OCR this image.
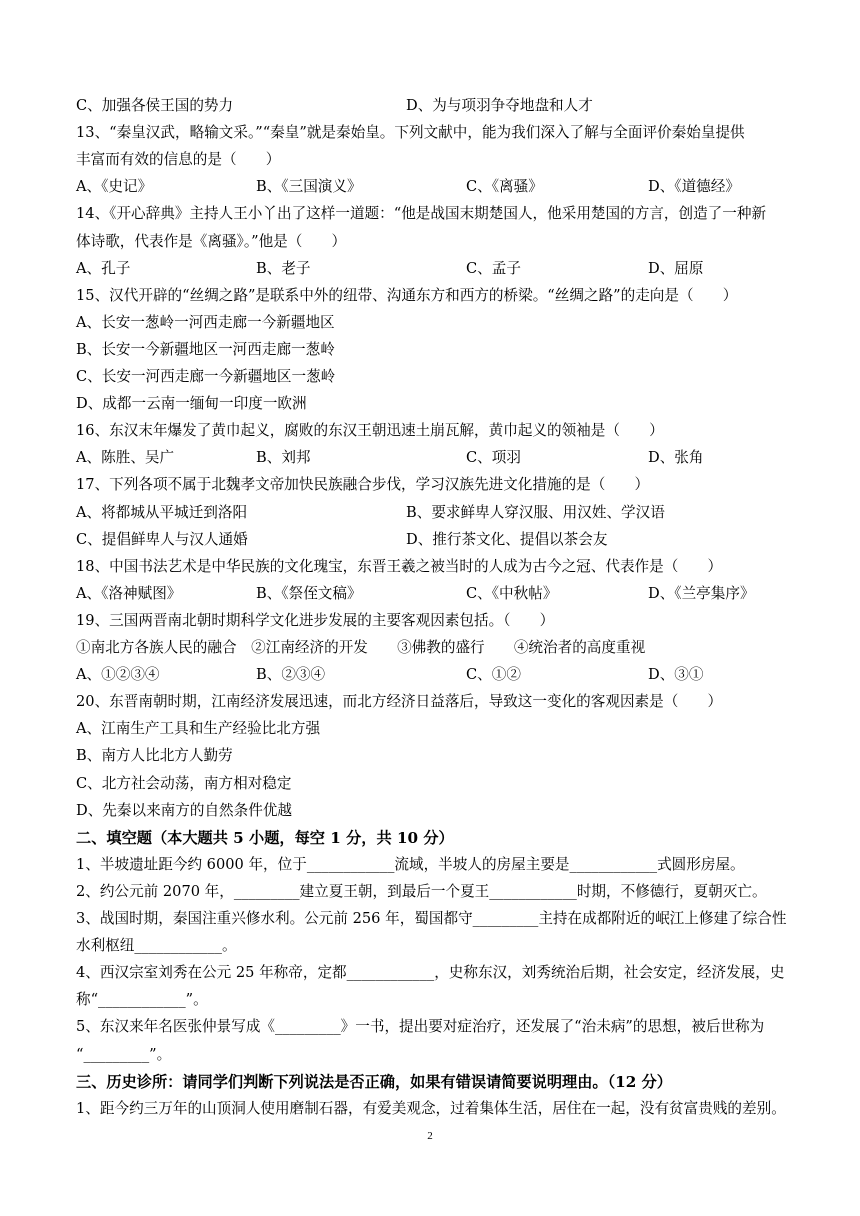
C、加强各侯王国的势力	D、为与项羽争夺地盘和人才
13、“秦皇汉武，略输文采。”“秦皇”就是秦始皇。下列文献中，能为我们深入了解与全面评价秦始皇提供
丰富而有效的信息的是（　　）
A、《史记》	B、《三国演义》	C、《离骚》	D、《道德经》
14、《开心辞典》主持人王小丫出了这样一道题：“他是战国末期楚国人，他采用楚国的方言，创造了一种新
体诗歌，代表作是《离骚》。”他是（　　）
A、孔子	B、老子	C、孟子	D、屈原
15、汉代开辟的“丝绸之路”是联系中外的纽带、沟通东方和西方的桥梁。“丝绸之路”的走向是（　　）
A、长安一葱岭一河西走廊一今新疆地区
B、长安一今新疆地区一河西走廊一葱岭
C、长安一河西走廊一今新疆地区一葱岭
D、成都一云南一缅甸一印度一欧洲
16、东汉末年爆发了黄巾起义，腐败的东汉王朝迅速土崩瓦解，黄巾起义的领袖是（　　）
A、陈胜、吴广	B、刘邦	C、项羽	D、张角
17、下列各项不属于北魏孝文帝加快民族融合步伐，学习汉族先进文化措施的是（　　）
A、将都城从平城迁到洛阳	B、要求鲜卑人穿汉服、用汉姓、学汉语
C、提倡鲜卑人与汉人通婚	D、推行茶文化、提倡以茶会友
18、中国书法艺术是中华民族的文化瑰宝，东晋王羲之被当时的人成为古今之冠、代表作是（　　）
A、《洛神赋图》	B、《祭侄文稿》	C、《中秋帖》	D、《兰亭集序》
19、三国两晋南北朝时期科学文化进步发展的主要客观因素包括。（　　）
①南北方各族人民的融合　②江南经济的开发　　③佛教的盛行　　④统治者的高度重视
A、①②③④	B、②③④	C、①②	D、③①
20、东晋南朝时期，江南经济发展迅速，而北方经济日益落后，导致这一变化的客观因素是（　　）
A、江南生产工具和生产经验比北方强
B、南方人比北方人勤劳
C、北方社会动荡，南方相对稳定
D、先秦以来南方的自然条件优越
二、填空题（本大题共 5 小题，每空 1 分，共 10 分）
1、半坡遗址距今约 6000 年，位于____________流域，半坡人的房屋主要是____________式圆形房屋。
2、约公元前 2070 年，_________建立夏王朝，到最后一个夏王____________时期，不修德行，夏朝灭亡。
3、战国时期，秦国注重兴修水利。公元前 256 年，蜀国都守_________主持在成都附近的岷江上修建了综合性
水利枢纽____________。
4、西汉宗室刘秀在公元 25 年称帝，定都____________，史称东汉，刘秀统治后期，社会安定，经济发展，史
称“____________”。
5、东汉来年名医张仲景写成《_________》一书，提出要对症治疗，还发展了“治未病”的思想，被后世称为
“_________”。
三、历史诊所：请同学们判断下列说法是否正确，如果有错误请简要说明理由。（12 分）
1、距今约三万年的山顶洞人使用磨制石器，有爱美观念，过着集体生活，居住在一起，没有贫富贵贱的差别。
2
